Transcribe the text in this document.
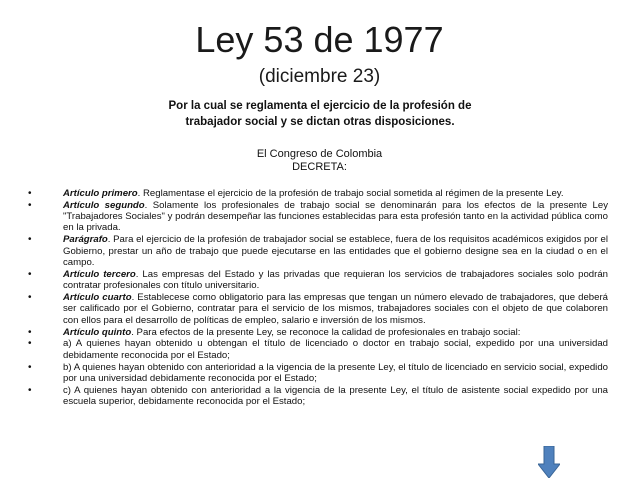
Ley 53 de 1977
(diciembre 23)
Por la cual se reglamenta el ejercicio de la profesión de trabajador social y se dictan otras disposiciones.
El Congreso de Colombia
DECRETA:
•	Artículo primero. Reglamentase el ejercicio de la profesión de trabajo social sometida al régimen de la presente Ley.
•	Artículo segundo. Solamente los profesionales de trabajo social se denominarán para los efectos de la presente Ley "Trabajadores Sociales" y podrán desempeñar las funciones establecidas para esta profesión tanto en la actividad pública como en la privada.
•	Parágrafo. Para el ejercicio de la profesión de trabajador social se establece, fuera de los requisitos académicos exigidos por el Gobierno, prestar un año de trabajo que puede ejecutarse en las entidades que el gobierno designe sea en la ciudad o en el campo.
•	Artículo tercero. Las empresas del Estado y las privadas que requieran los servicios de trabajadores sociales solo podrán contratar profesionales con título universitario.
•	Artículo cuarto. Establecese como obligatorio para las empresas que tengan un número elevado de trabajadores, que deberá ser calificado por el Gobierno, contratar para el servicio de los mismos, trabajadores sociales con el objeto de que colaboren con ellos para el desarrollo de políticas de empleo, salario e inversión de los mismos.
•	Artículo quinto. Para efectos de la presente Ley, se reconoce la calidad de profesionales en trabajo social:
•	a) A quienes hayan obtenido u obtengan el título de licenciado o doctor en trabajo social, expedido por una universidad debidamente reconocida por el Estado;
•	b) A quienes hayan obtenido con anterioridad a la vigencia de la presente Ley, el título de licenciado en servicio social, expedido por una universidad debidamente reconocida por el Estado;
•	c) A quienes hayan obtenido con anterioridad a la vigencia de la presente Ley, el título de asistente social expedido por una escuela superior, debidamente reconocida por el Estado;
